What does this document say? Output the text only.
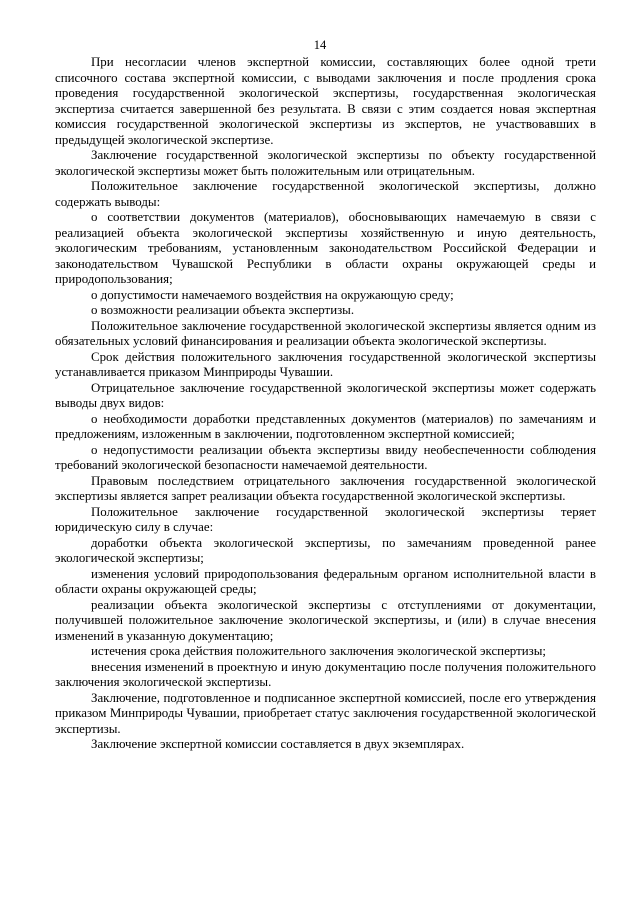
14

При несогласии членов экспертной комиссии, составляющих более одной трети списочного состава экспертной комиссии, с выводами заключения и после продления срока проведения государственной экологической экспертизы, государственная экологическая экспертиза считается завершенной без результата. В связи с этим создается новая экспертная комиссия государственной экологической экспертизы из экспертов, не участвовавших в предыдущей экологической экспертизе.

Заключение государственной экологической экспертизы по объекту государственной экологической экспертизы может быть положительным или отрицательным.

Положительное заключение государственной экологической экспертизы, должно содержать выводы:

о соответствии документов (материалов), обосновывающих намечаемую в связи с реализацией объекта экологической экспертизы хозяйственную и иную деятельность, экологическим требованиям, установленным законодательством Российской Федерации и законодательством Чувашской Республики в области охраны окружающей среды и природопользования;

о допустимости намечаемого воздействия на окружающую среду;

о возможности реализации объекта экспертизы.

Положительное заключение государственной экологической экспертизы является одним из обязательных условий финансирования и реализации объекта экологической экспертизы.

Срок действия положительного заключения государственной экологической экспертизы устанавливается приказом Минприроды Чувашии.

Отрицательное заключение государственной экологической экспертизы может содержать выводы двух видов:

о необходимости доработки представленных документов (материалов) по замечаниям и предложениям, изложенным в заключении, подготовленном экспертной комиссией;

о недопустимости реализации объекта экспертизы ввиду необеспеченности соблюдения требований экологической безопасности намечаемой деятельности.

Правовым последствием отрицательного заключения государственной экологической экспертизы является запрет реализации объекта государственной экологической экспертизы.

Положительное заключение государственной экологической экспертизы теряет юридическую силу в случае:

доработки объекта экологической экспертизы, по замечаниям проведенной ранее экологической экспертизы;

изменения условий природопользования федеральным органом исполнительной власти в области охраны окружающей среды;

реализации объекта экологической экспертизы с отступлениями от документации, получившей положительное заключение экологической экспертизы, и (или) в случае внесения изменений в указанную документацию;

истечения срока действия положительного заключения экологической экспертизы;

внесения изменений в проектную и иную документацию после получения положительного заключения экологической экспертизы.

Заключение, подготовленное и подписанное экспертной комиссией, после его утверждения приказом Минприроды Чувашии, приобретает статус заключения государственной экологической экспертизы.

Заключение экспертной комиссии составляется в двух экземплярах.
